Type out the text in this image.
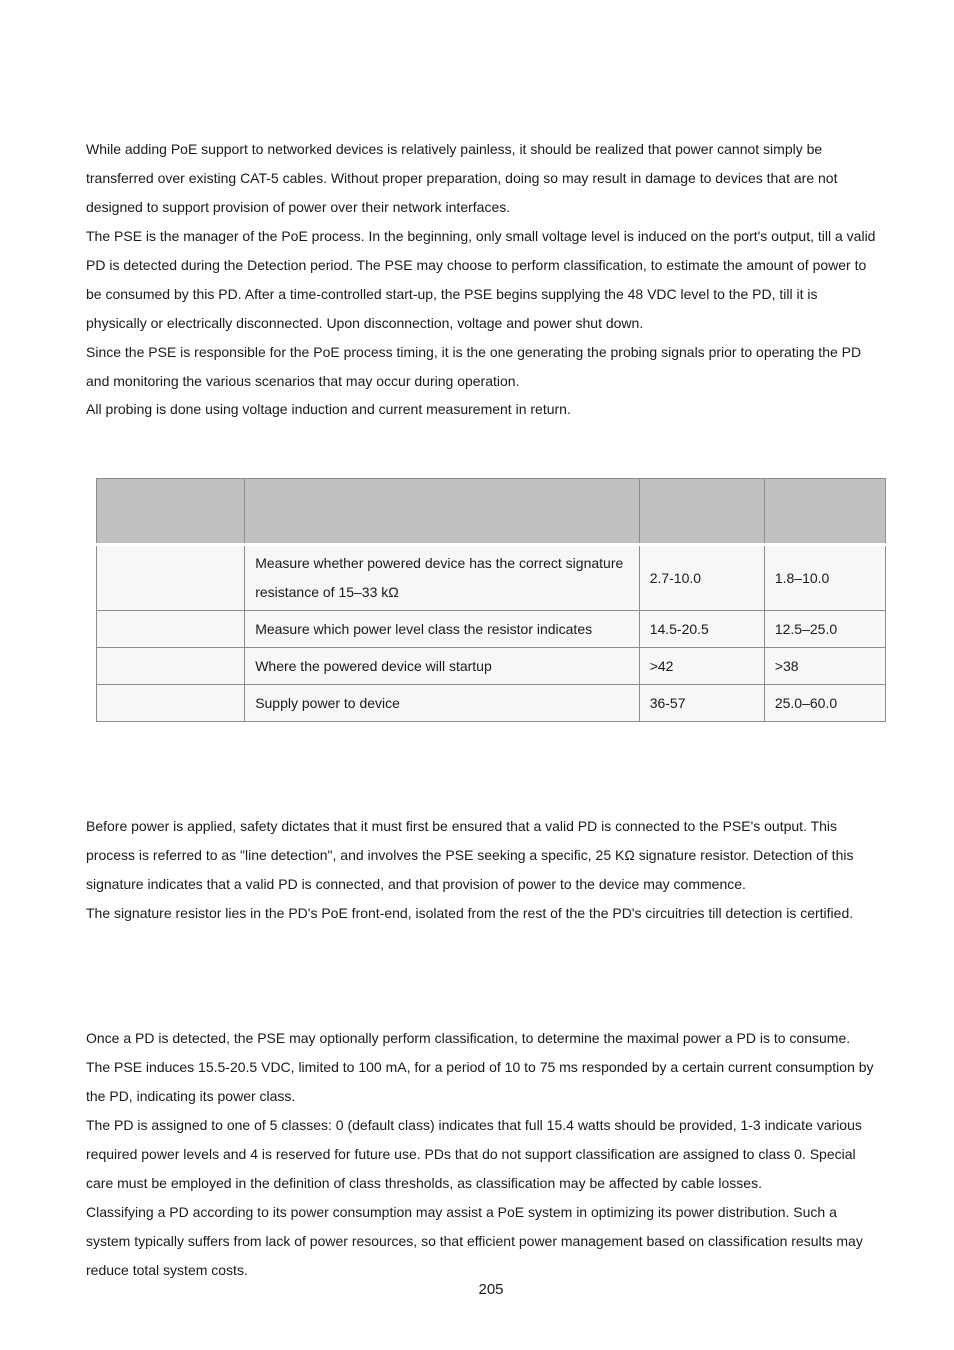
While adding PoE support to networked devices is relatively painless, it should be realized that power cannot simply be transferred over existing CAT-5 cables. Without proper preparation, doing so may result in damage to devices that are not designed to support provision of power over their network interfaces.

The PSE is the manager of the PoE process. In the beginning, only small voltage level is induced on the port's output, till a valid PD is detected during the Detection period. The PSE may choose to perform classification, to estimate the amount of power to be consumed by this PD. After a time-controlled start-up, the PSE begins supplying the 48 VDC level to the PD, till it is physically or electrically disconnected. Upon disconnection, voltage and power shut down.

Since the PSE is responsible for the PoE process timing, it is the one generating the probing signals prior to operating the PD and monitoring the various scenarios that may occur during operation.

All probing is done using voltage induction and current measurement in return.

	Measure whether powered device has the correct signature resistance of 15–33 kΩ	2.7-10.0	1.8–10.0
	Measure which power level class the resistor indicates	14.5-20.5	12.5–25.0
	Where the powered device will startup	>42	>38
	Supply power to device	36-57	25.0–60.0

Before power is applied, safety dictates that it must first be ensured that a valid PD is connected to the PSE's output. This process is referred to as "line detection", and involves the PSE seeking a specific, 25 KΩ signature resistor. Detection of this signature indicates that a valid PD is connected, and that provision of power to the device may commence.

The signature resistor lies in the PD's PoE front-end, isolated from the rest of the the PD's circuitries till detection is certified.

Once a PD is detected, the PSE may optionally perform classification, to determine the maximal power a PD is to consume. The PSE induces 15.5-20.5 VDC, limited to 100 mA, for a period of 10 to 75 ms responded by a certain current consumption by the PD, indicating its power class.

The PD is assigned to one of 5 classes: 0 (default class) indicates that full 15.4 watts should be provided, 1-3 indicate various required power levels and 4 is reserved for future use. PDs that do not support classification are assigned to class 0. Special care must be employed in the definition of class thresholds, as classification may be affected by cable losses.

Classifying a PD according to its power consumption may assist a PoE system in optimizing its power distribution. Such a system typically suffers from lack of power resources, so that efficient power management based on classification results may reduce total system costs.

205
